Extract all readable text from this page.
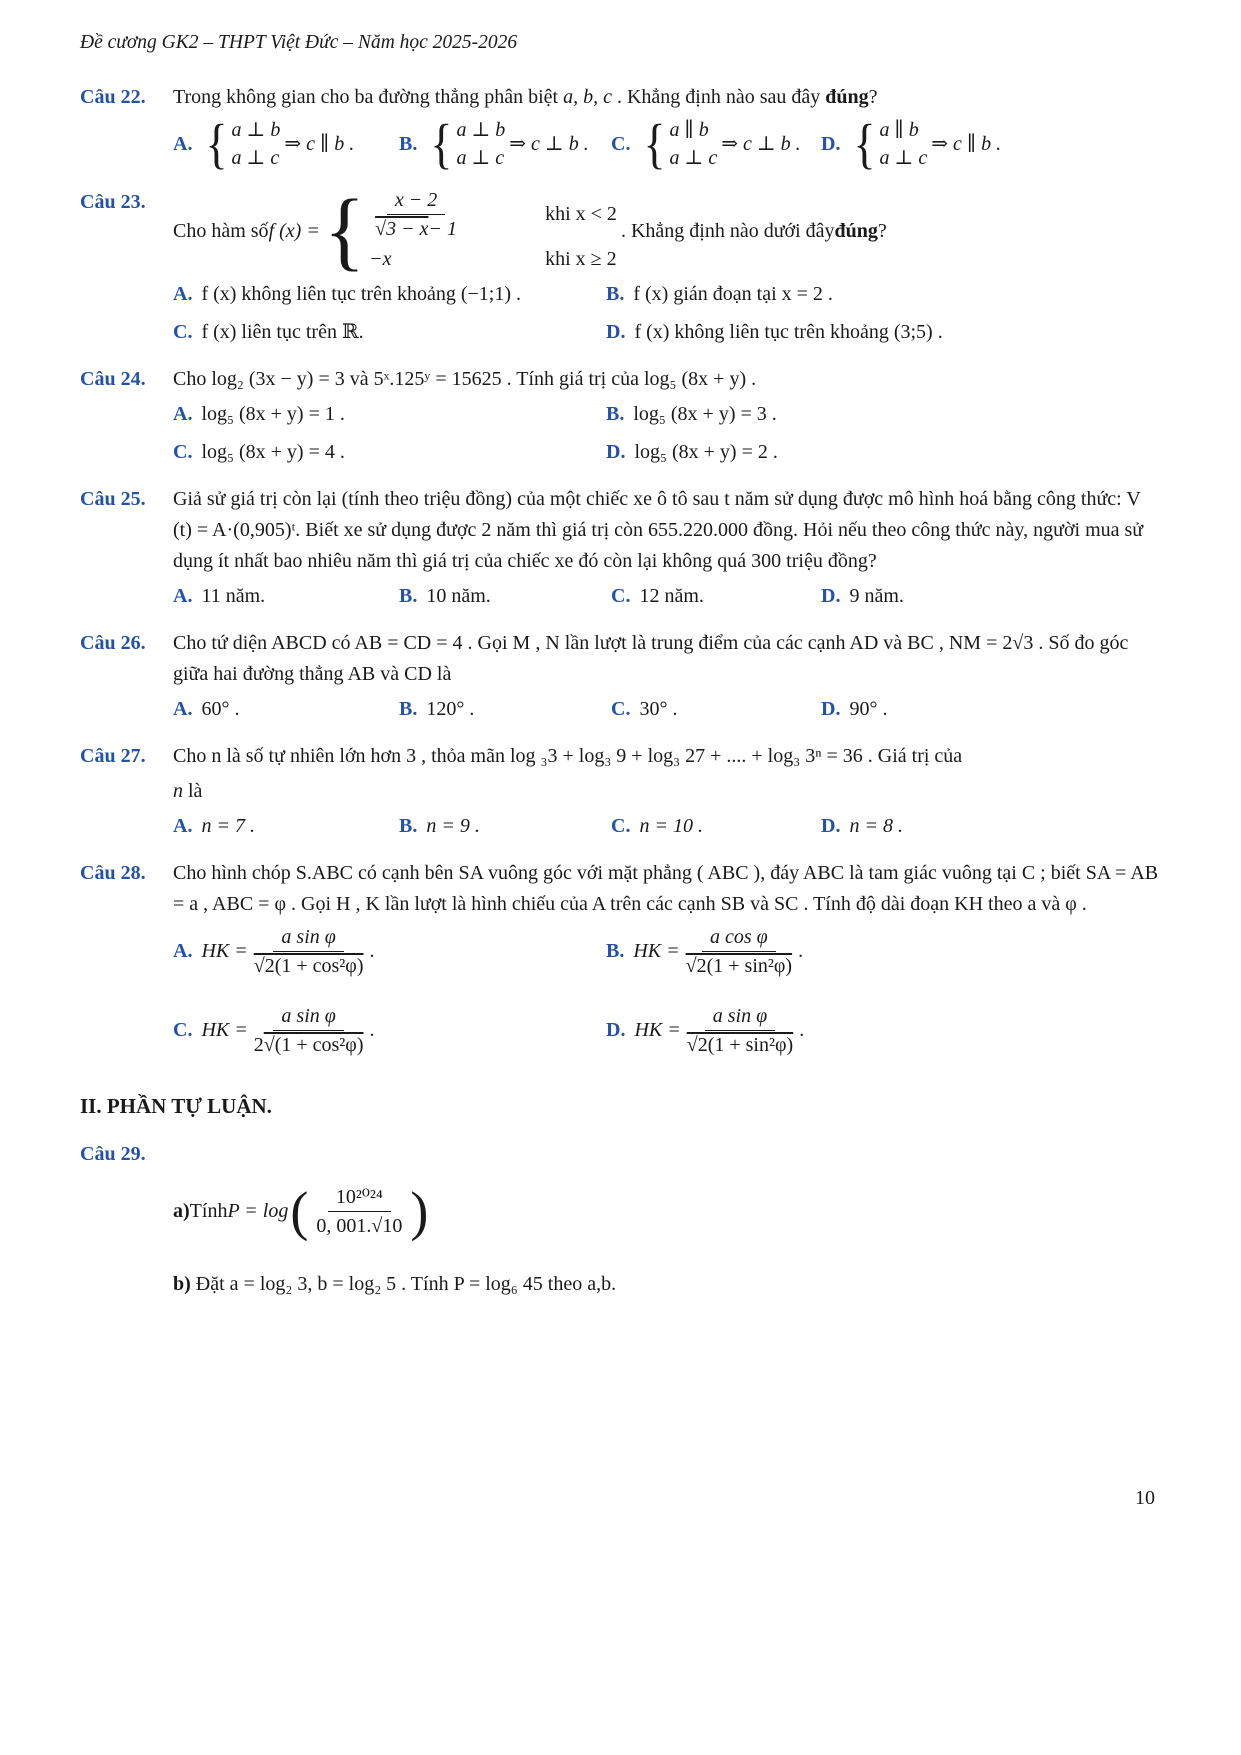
Đề cương GK2 – THPT Việt Đức – Năm học 2025-2026
Câu 22.	Trong không gian cho ba đường thẳng phân biệt a, b, c . Khẳng định nào sau đây đúng?
A. { a ⊥ b
a ⊥ c
⇒ c ∥ b . B. { a ⊥ b
a ⊥ c
⇒ c ⊥ b . C. { a ∥ b
a ⊥ c
⇒ c ⊥ b . D. { a ∥ b
a ⊥ c
⇒ c ∥ b .
Câu 23.
Cho hàm số f (x) = { $\frac{x - 2}{√3 - x - 1}$	khi x < 2
−x	khi x ≥ 2
. Khẳng định nào dưới đây đúng ?
A. f (x) không liên tục trên khoảng (−1;1) .	B. f (x) gián đoạn tại x = 2 .
C. f (x) liên tục trên ℝ.	D. f (x) không liên tục trên khoảng (3;5) .
Câu 24.	Cho log₂ (3x − y) = 3 và 5ˣ.125ʸ = 15625 . Tính giá trị của log₅ (8x + y) .
A. log₅ (8x + y) = 1 .	B. log₅ (8x + y) = 3 .
C. log₅ (8x + y) = 4 .	D. log₅ (8x + y) = 2 .
Câu 25.	Giả sử giá trị còn lại (tính theo triệu đồng) của một chiếc xe ô tô sau t năm sử dụng được mô hình hoá bằng công thức: V (t) = A·(0,905)ᵗ. Biết xe sử dụng được 2 năm thì giá trị còn 655.220.000 đồng. Hỏi nếu theo công thức này, người mua sử dụng ít nhất bao nhiêu năm thì giá trị của chiếc xe đó còn lại không quá 300 triệu đồng?
A. 11 năm.	B. 10 năm.	C. 12 năm.	D. 9 năm.
Câu 26.	Cho tứ diện ABCD có AB = CD = 4 . Gọi M , N lần lượt là trung điểm của các cạnh AD và BC , NM = 2√3 . Số đo góc giữa hai đường thẳng AB và CD là
A. 60° .	B. 120° .	C. 30° .	D. 90° .
Câu 27.	Cho n là số tự nhiên lớn hơn 3 , thỏa mãn log ₃3 + log₃ 9 + log₃ 27 + .... + log₃ 3ⁿ = 36 . Giá trị của
n là
A. n = 7 .	B. n = 9 .	C. n = 10 .	D. n = 8 .
Câu 28.	Cho hình chóp S.ABC có cạnh bên SA vuông góc với mặt phẳng ( ABC ), đáy ABC là tam giác vuông tại C ; biết SA = AB = a , ABC = φ . Gọi H , K lần lượt là hình chiếu của A trên các cạnh SB và SC . Tính độ dài đoạn KH theo a và φ .
A. HK = $\frac{\text{a sin φ}}{\text{√2(1 + cos²φ)}}$ .	B. HK = $\frac{\text{a cos φ}}{\text{√2(1 + sin²φ)}}$ .
C. HK = $\frac{\text{a sin φ}}{\text{2 √(1 + cos²φ)}}$ .	D. HK = $\frac{\text{a sin φ}}{\text{√2(1 + sin²φ)}}$ .
II. PHẦN TỰ LUẬN.
Câu 29.
a) Tính P = log ( $\frac{\text{10²⁰²⁴}}{0, 001.√10}$ )
b) Đặt a = log₂ 3, b = log₂ 5 . Tính P = log₆ 45 theo a,b.
10
